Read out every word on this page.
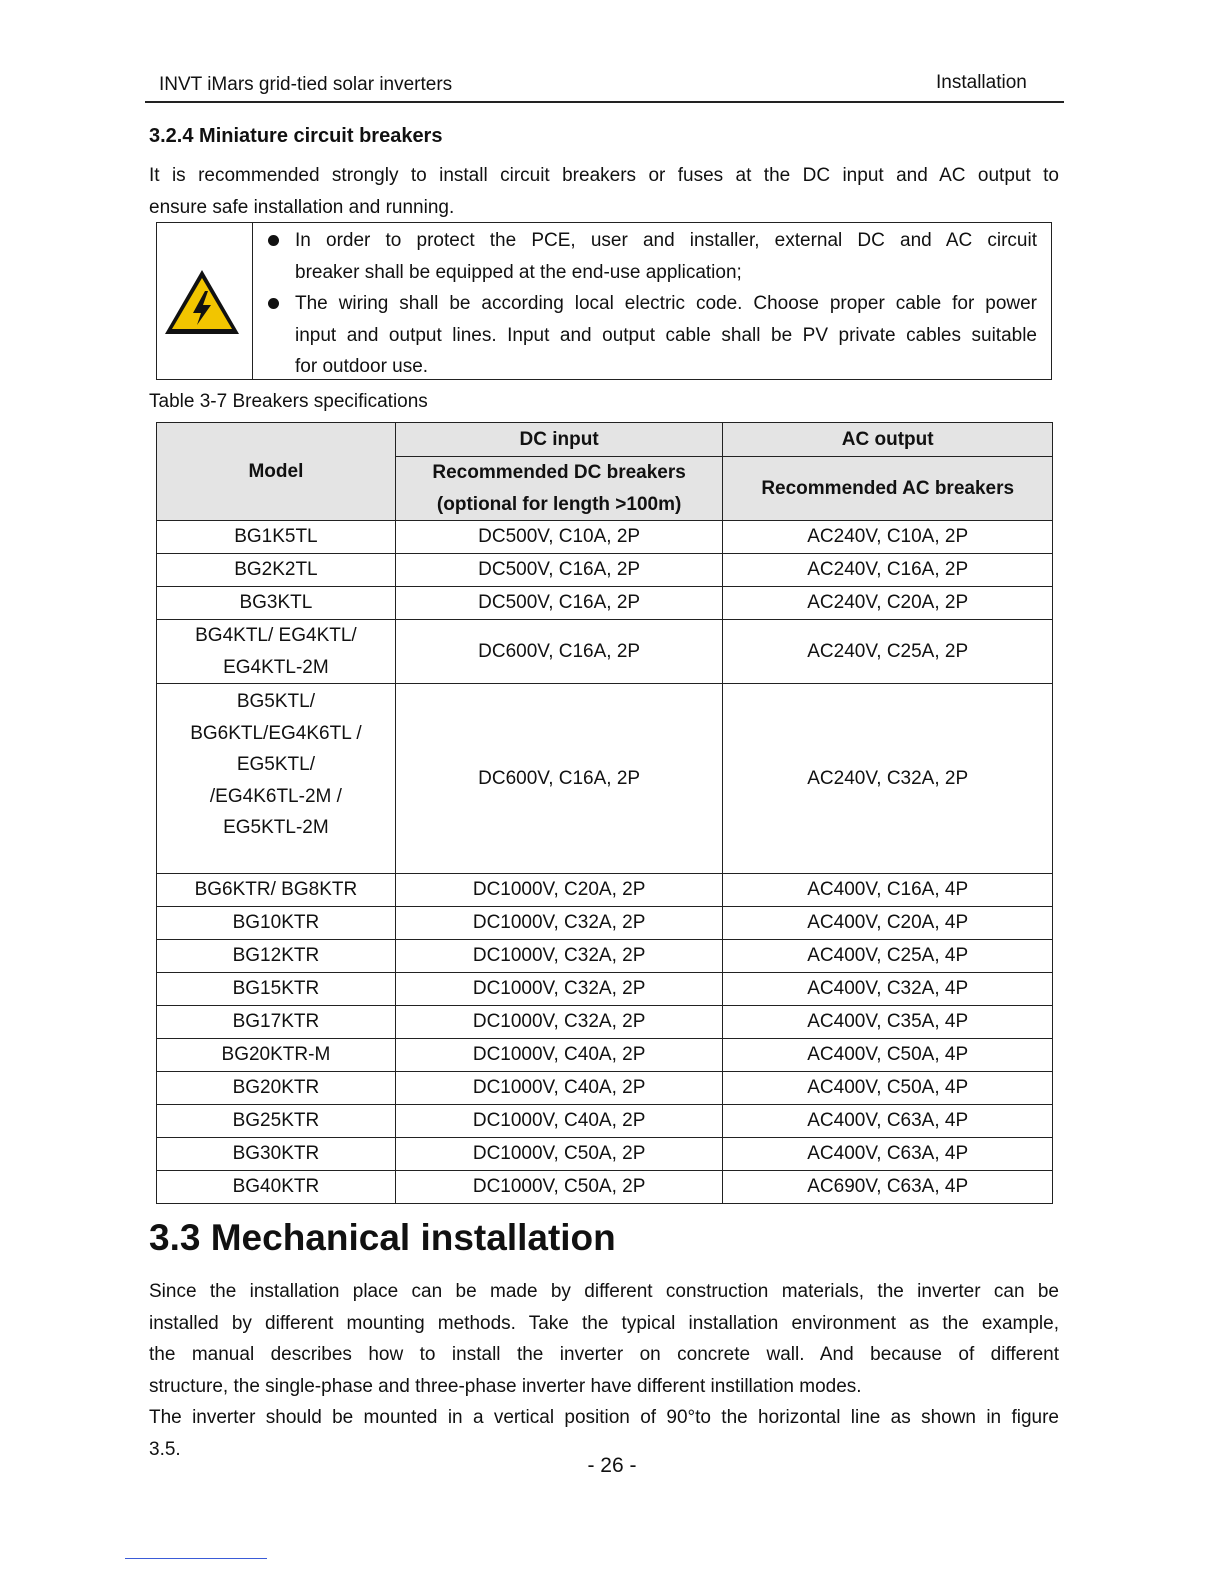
INVT iMars grid-tied solar inverters	Installation
3.2.4 Miniature circuit breakers
It is recommended strongly to install circuit breakers or fuses at the DC input and AC output to
ensure safe installation and running.
In order to protect the PCE, user and installer, external DC and AC circuit
breaker shall be equipped at the end-use application;
The wiring shall be according local electric code. Choose proper cable for power
input and output lines. Input and output cable shall be PV private cables suitable
for outdoor use.
Table 3-7 Breakers specifications
Model	DC input	AC output

	Recommended DC breakers
(optional for length >100m)	Recommended AC breakers

BG1K5TL	DC500V, C10A, 2P	AC240V, C10A, 2P

BG2K2TL	DC500V, C16A, 2P	AC240V, C16A, 2P

BG3KTL	DC500V, C16A, 2P	AC240V, C20A, 2P

BG4KTL/ EG4KTL/
EG4KTL-2M	DC600V, C16A, 2P	AC240V, C25A, 2P

BG5KTL/
BG6KTL/EG4K6TL /
EG5KTL/
/EG4K6TL-2M /
EG5KTL-2M	DC600V, C16A, 2P	AC240V, C32A, 2P

BG6KTR/ BG8KTR	DC1000V, C20A, 2P	AC400V, C16A, 4P

BG10KTR	DC1000V, C32A, 2P	AC400V, C20A, 4P

BG12KTR	DC1000V, C32A, 2P	AC400V, C25A, 4P

BG15KTR	DC1000V, C32A, 2P	AC400V, C32A, 4P

BG17KTR	DC1000V, C32A, 2P	AC400V, C35A, 4P

BG20KTR-M	DC1000V, C40A, 2P	AC400V, C50A, 4P

BG20KTR	DC1000V, C40A, 2P	AC400V, C50A, 4P

BG25KTR	DC1000V, C40A, 2P	AC400V, C63A, 4P

BG30KTR	DC1000V, C50A, 2P	AC400V, C63A, 4P

BG40KTR	DC1000V, C50A, 2P	AC690V, C63A, 4P
3.3 Mechanical installation
Since the installation place can be made by different construction materials, the inverter can be
installed by different mounting methods. Take the typical installation environment as the example,
the manual describes how to install the inverter on concrete wall. And because of different
structure, the single-phase and three-phase inverter have different instillation modes.
The inverter should be mounted in a vertical position of 90°to the horizontal line as shown in figure
3.5.
- 26 -
